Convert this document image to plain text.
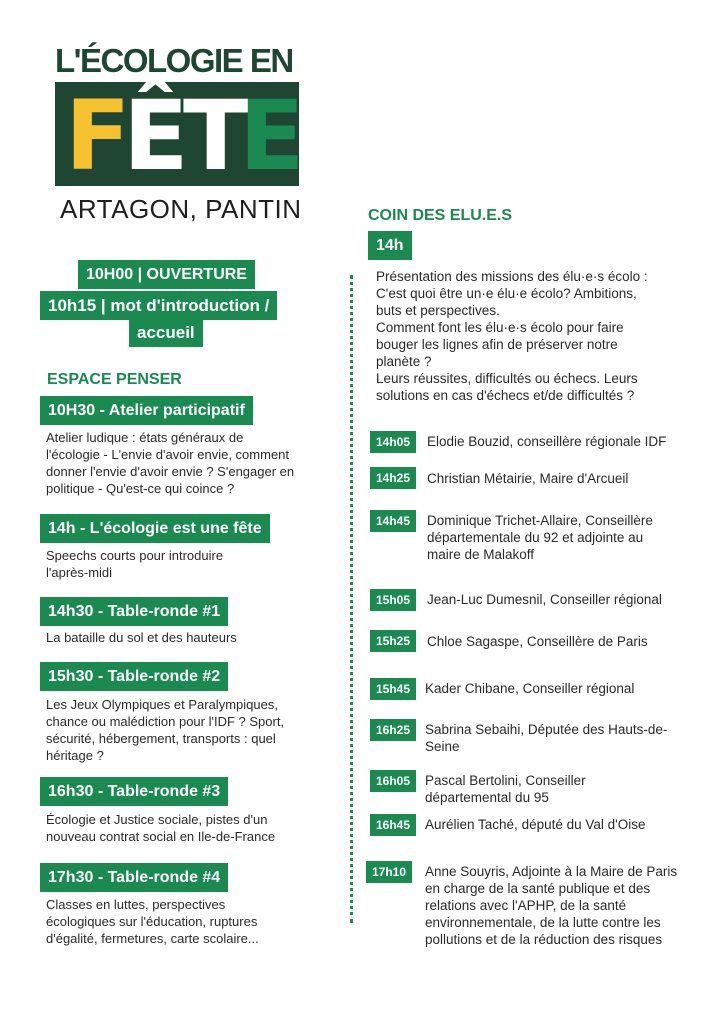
L'ÉCOLOGIE EN
F
Ê
T
E
ARTAGON, PANTIN
10H00 | OUVERTURE
10h15 | mot d'introduction /
accueil
ESPACE PENSER
10H30 - Atelier participatif
Atelier ludique : états généraux de
l'écologie - L'envie d'avoir envie, comment
donner l'envie d'avoir envie ? S'engager en
politique - Qu'est-ce qui coince ?
14h - L'écologie est une fête
Speechs courts pour introduire
l'après-midi
14h30 - Table-ronde #1
La bataille du sol et des hauteurs
15h30 - Table-ronde #2
Les Jeux Olympiques et Paralympiques,
chance ou malédiction pour l'IDF ? Sport,
sécurité, hébergement, transports : quel
héritage ?
16h30 - Table-ronde #3
Écologie et Justice sociale, pistes d'un
nouveau contrat social en Ile-de-France
17h30 - Table-ronde #4
Classes en luttes, perspectives
écologiques sur l'éducation, ruptures
d'égalité, fermetures, carte scolaire...
COIN DES ELU.E.S
14h
Présentation des missions des élu·e·s écolo :
C'est quoi être un·e élu·e écolo? Ambitions,
buts et perspectives.
Comment font les élu·e·s écolo pour faire
bouger les lignes afin de préserver notre
planète ?
Leurs réussites, difficultés ou échecs. Leurs
solutions en cas d'échecs et/de difficultés ?
14h05	Elodie Bouzid, conseillère régionale IDF
14h25	Christian Métairie, Maire d'Arcueil
14h45	Dominique Trichet-Allaire, Conseillère
départementale du 92 et adjointe au
maire de Malakoff
15h05	Jean-Luc Dumesnil, Conseiller régional
15h25	Chloe Sagaspe, Conseillère de Paris
15h45	Kader Chibane, Conseiller régional
16h25	Sabrina Sebaihi, Députée des Hauts-de-
Seine
16h05	Pascal Bertolini, Conseiller
départemental du 95
16h45	Aurélien Taché, député du Val d'Oise
17h10	Anne Souyris, Adjointe à la Maire de Paris
en charge de la santé publique et des
relations avec l'APHP, de la santé
environnementale, de la lutte contre les
pollutions et de la réduction des risques
